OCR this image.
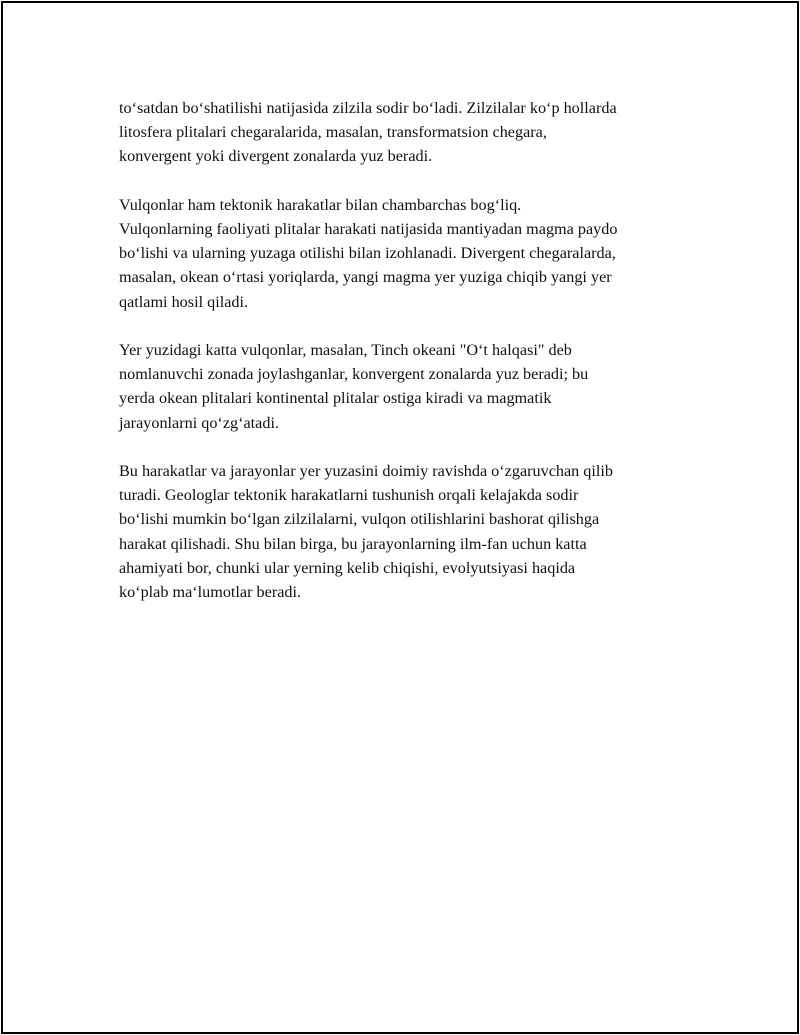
to‘satdan bo‘shatilishi natijasida zilzila sodir bo‘ladi. Zilzilalar ko‘p hollarda
litosfera plitalari chegaralarida, masalan, transformatsion chegara,
konvergent yoki divergent zonalarda yuz beradi.

Vulqonlar ham tektonik harakatlar bilan chambarchas bog‘liq.
Vulqonlarning faoliyati plitalar harakati natijasida mantiyadan magma paydo
bo‘lishi va ularning yuzaga otilishi bilan izohlanadi. Divergent chegaralarda,
masalan, okean o‘rtasi yoriqlarda, yangi magma yer yuziga chiqib yangi yer
qatlami hosil qiladi.

Yer yuzidagi katta vulqonlar, masalan, Tinch okeani "O‘t halqasi" deb
nomlanuvchi zonada joylashganlar, konvergent zonalarda yuz beradi; bu
yerda okean plitalari kontinental plitalar ostiga kiradi va magmatik
jarayonlarni qo‘zg‘atadi.

Bu harakatlar va jarayonlar yer yuzasini doimiy ravishda o‘zgaruvchan qilib
turadi. Geologlar tektonik harakatlarni tushunish orqali kelajakda sodir
bo‘lishi mumkin bo‘lgan zilzilalarni, vulqon otilishlarini bashorat qilishga
harakat qilishadi. Shu bilan birga, bu jarayonlarning ilm-fan uchun katta
ahamiyati bor, chunki ular yerning kelib chiqishi, evolyutsiyasi haqida
ko‘plab ma‘lumotlar beradi.
